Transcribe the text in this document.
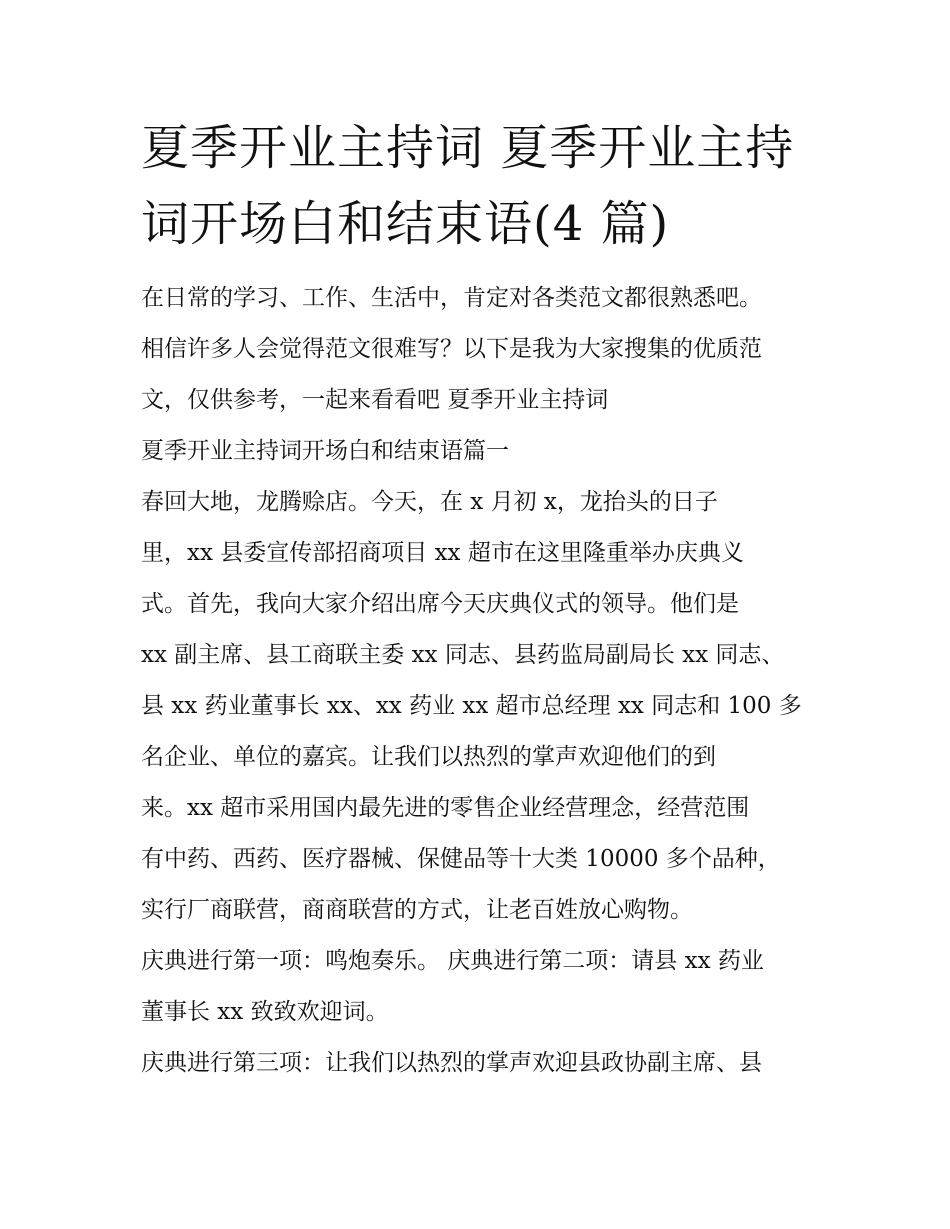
夏季开业主持词 夏季开业主持
词开场白和结束语(4 篇)

在日常的学习、工作、生活中，肯定对各类范文都很熟悉吧。
相信许多人会觉得范文很难写？以下是我为大家搜集的优质范
文，仅供参考，一起来看看吧 夏季开业主持词

夏季开业主持词开场白和结束语篇一

春回大地，龙腾赊店。今天，在 x 月初 x，龙抬头的日子
里，xx 县委宣传部招商项目 xx 超市在这里隆重举办庆典义
式。首先，我向大家介绍出席今天庆典仪式的领导。他们是
xx 副主席、县工商联主委 xx 同志、县药监局副局长 xx 同志、
县 xx 药业董事长 xx、xx 药业 xx 超市总经理 xx 同志和 100 多
名企业、单位的嘉宾。让我们以热烈的掌声欢迎他们的到
来。xx 超市采用国内最先进的零售企业经营理念，经营范围
有中药、西药、医疗器械、保健品等十大类 10000 多个品种，
实行厂商联营，商商联营的方式，让老百姓放心购物。

庆典进行第一项：鸣炮奏乐。 庆典进行第二项：请县 xx 药业
董事长 xx 致致欢迎词。

庆典进行第三项：让我们以热烈的掌声欢迎县政协副主席、县
